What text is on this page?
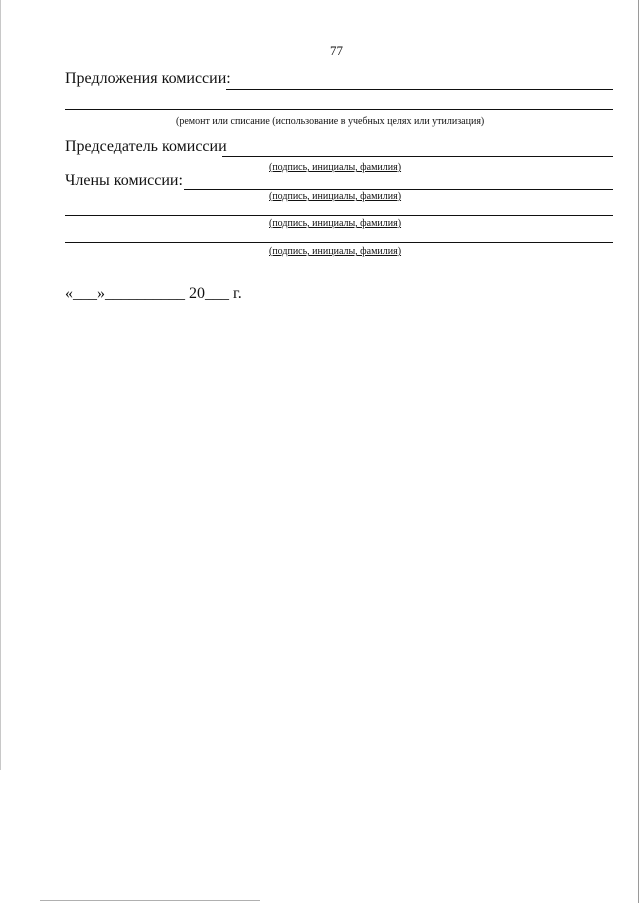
77
Предложения комиссии:
(ремонт или списание (использование в учебных целях или утилизация)
Председатель комиссии
(подпись, инициалы, фамилия)
Члены комиссии:
(подпись, инициалы, фамилия)
(подпись, инициалы, фамилия)
(подпись, инициалы, фамилия)
«___»__________ 20___ г.
